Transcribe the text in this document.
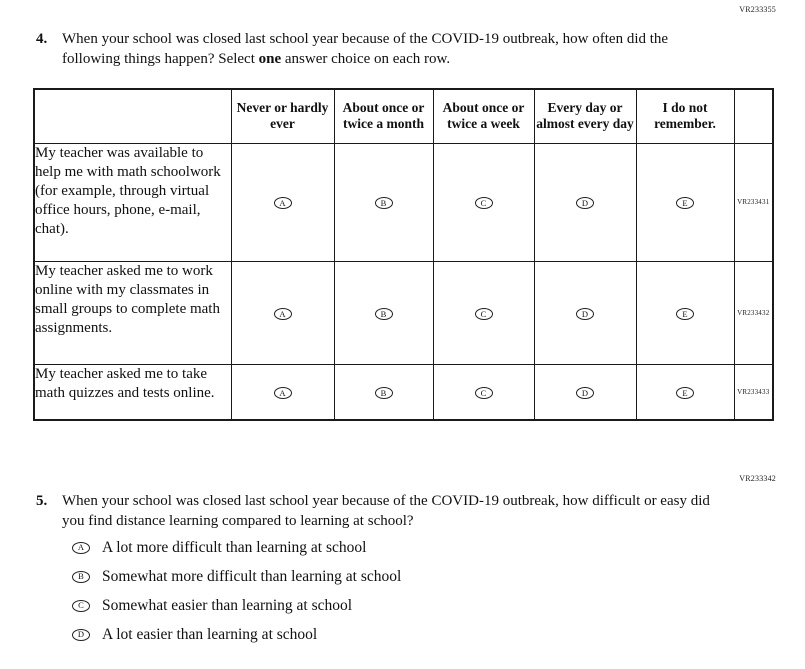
VR233355
4. When your school was closed last school year because of the COVID-19 outbreak, how often did the following things happen? Select one answer choice on each row.
	Never or hardly ever	About once or twice a month	About once or twice a week	Every day or almost every day	I do not remember.	
My teacher was available to help me with math schoolwork (for example, through virtual office hours, phone, e-mail, chat).	A	B	C	D	E	VR233431
My teacher asked me to work online with my classmates in small groups to complete math assignments.	A	B	C	D	E	VR233432
My teacher asked me to take math quizzes and tests online.	A	B	C	D	E	VR233433
VR233342
5. When your school was closed last school year because of the COVID-19 outbreak, how difficult or easy did you find distance learning compared to learning at school?
A	A lot more difficult than learning at school
B	Somewhat more difficult than learning at school
C	Somewhat easier than learning at school
D	A lot easier than learning at school
